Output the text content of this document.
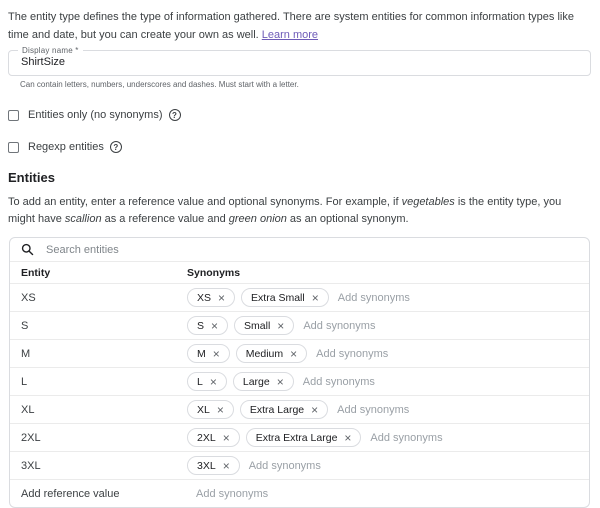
The entity type defines the type of information gathered. There are system entities for common information types like time and date, but you can create your own as well. Learn more

Display name *
ShirtSize
Can contain letters, numbers, underscores and dashes. Must start with a letter.
Entities only (no synonyms)	?
Regexp entities	?
Entities

To add an entity, enter a reference value and optional synonyms. For example, if vegetables is the entity type, you might have scallion as a reference value and green onion as an optional synonym.

Search entities
Entity	Synonyms
XS	XS × Extra Small × Add synonyms
S	S × Small × Add synonyms
M	M × Medium × Add synonyms
L	L × Large × Add synonyms
XL	XL × Extra Large × Add synonyms
2XL	2XL × Extra Extra Large × Add synonyms
3XL	3XL × Add synonyms
Add reference value	Add synonyms
